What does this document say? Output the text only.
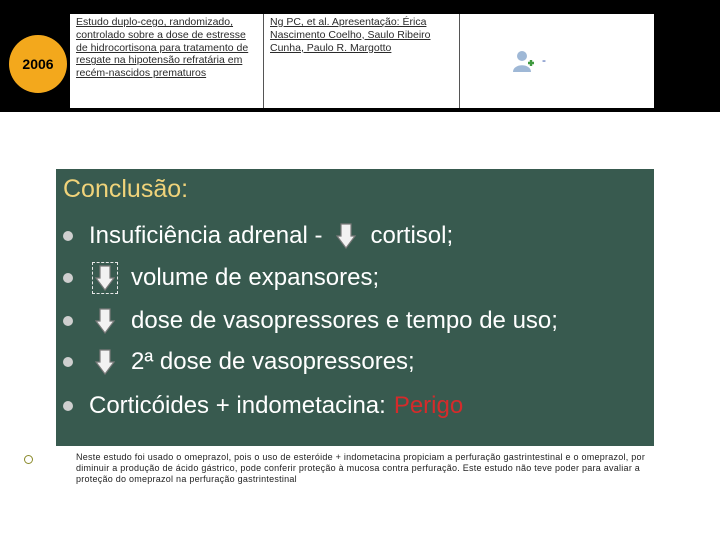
2006
Estudo duplo-cego, randomizado, controlado sobre a dose de estresse de hidrocortisona para tratamento de resgate na hipotensão refratária em recém-nascidos prematuros
Ng PC, et al. Apresentação: Érica Nascimento Coelho, Saulo Ribeiro Cunha, Paulo R. Margotto
-
Conclusão:
Insuficiência adrenal - cortisol;
volume de expansores;
dose de vasopressores e tempo de uso;
2ª dose de vasopressores;
Corticóides + indometacina: Perigo
Neste estudo foi usado o omeprazol, pois o uso de esteróide + indometacina propiciam a perfuração gastrintestinal e o omeprazol, por diminuir a produção de ácido gástrico, pode conferir proteção à mucosa contra perfuração. Este estudo não teve poder para avaliar a proteção do omeprazol na perfuração gastrintestinal
